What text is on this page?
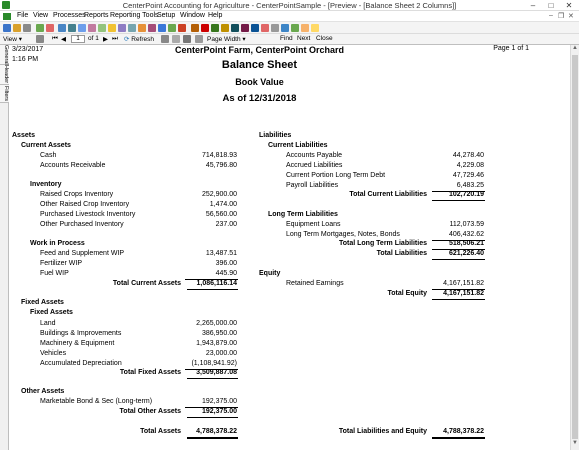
CenterPoint Accounting for Agriculture - CenterPointSample - [Preview - [Balance Sheet 2 Columns]]	–	□	✕
File View Processes
Reports Reporting Tools
Setup Window Help	– ❐ ✕
View ▾	⏮ ◀	1	of 1 ▶ ⏭ ⟳ Refresh	Page Width ▾	Find Next Close
General
Header
Filters
3/23/2017
1:16 PM
CenterPoint Farm, CenterPoint Orchard	Page 1 of 1
Balance Sheet
Book Value
As of 12/31/2018
Assets
Current Assets
Cash	714,818.93
Accounts Receivable	45,796.80
Inventory
Raised Crops Inventory	252,900.00
Other Raised Crop Inventory	1,474.00
Purchased Livestock Inventory	56,560.00
Other Purchased Inventory	237.00
Work in Process
Feed and Supplement WIP	13,487.51
Fertilizer WIP	396.00
Fuel WIP	445.90
Total Current Assets	1,086,116.14
Fixed Assets
Fixed Assets
Land	2,265,000.00
Buildings & Improvements	386,950.00
Machinery & Equipment	1,943,879.00
Vehicles	23,000.00
Accumulated Depreciation	(1,108,941.92)
Total Fixed Assets	3,509,887.08
Other Assets
Marketable Bond & Sec (Long-term)	192,375.00
Total Other Assets	192,375.00
Total Assets	4,788,378.22
Liabilities
Current Liabilities
Accounts Payable	44,278.40
Accrued Liabilities	4,229.08
Current Portion Long Term Debt	47,729.46
Payroll Liabilities	6,483.25
Total Current Liabilities	102,720.19
Long Term Liabilities
Equipment Loans	112,073.59
Long Term Mortgages, Notes, Bonds	406,432.62
Total Long Term Liabilities	518,506.21
Total Liabilities	621,226.40
Equity
Retained Earnings	4,167,151.82
Total Equity	4,167,151.82
Total Liabilities and Equity	4,788,378.22
▲
▼
